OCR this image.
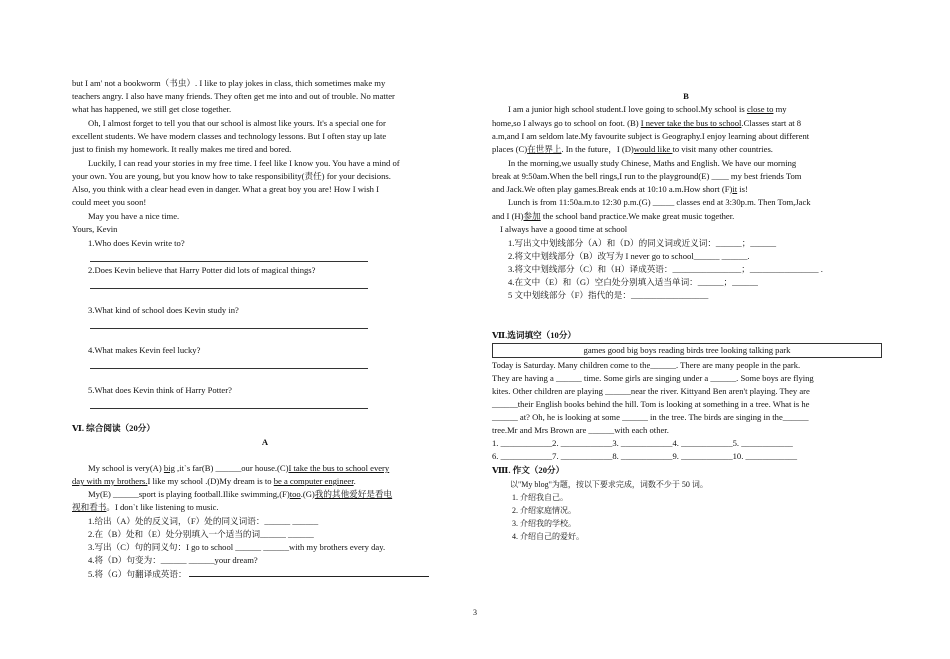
but I am' not a bookworm（书虫）. I like to play jokes in class, thich sometimes make my
teachers angry. I also have many friends. They often get me into and out of trouble. No matter
what has happened, we still get close together.
Oh, I almost forget to tell you that our school is almost like yours. It's a special one for
excellent students. We have modern classes and technology lessons. But I often stay up late
just to finish my homework. It really makes me tired and bored.
Luckily, I can read your stories in my free time. I feel like I know you. You have a mind of
your own. You are young, but you know how to take responsibility(责任) for your decisions.
Also, you think with a clear head even in danger. What a great boy you are! How I wish I
could meet you soon!
May you have a nice time.
Yours, Kevin
1.Who does Kevin write to?
2.Does Kevin believe that Harry Potter did lots of magical things?
3.What kind of school does Kevin study in?
4.What makes Kevin feel lucky?
5.What does Kevin think of Harry Potter?
Ⅵ. 综合阅读（20分）
A
My school is very(A) big ,it`s far(B) ______our house.(C)I take the bus to school every
day with my brothers.I like my school .(D)My dream is to be a computer engineer.
My(E) ______sport is playing football.Ilike swimming,(F)too.(G)我的其他爱好是看电
视和看书。I don`t like listening to music.
1.给出（A）处的反义词，（F）处的同义词语：______ ______
2.在（B）处和（E）处分别填入一个适当的词______ ______
3.写出（C）句的同义句：I go to school ______ ______with my brothers every day.
4.将（D）句变为：______ ______your dream?
5.将（G）句翻译成英语：
B
I am a junior high school student.I love going to school.My school is close to my
home,so I always go to school on foot. (B) I never take the bus to school.Classes start at 8
a.m,and I am seldom late.My favourite subject is Geography.I enjoy learning about different
places (C)在世界上. In the future，I (D)would like to visit many other countries.
In the morning,we usually study Chinese, Maths and English. We have our morning
break at 9:50am.When the bell rings,I run to the playground(E) ____ my best friends Tom
and Jack.We often play games.Break ends at 10:10 a.m.How short (F)it is!
Lunch is from 11:50a.m.to 12:30 p.m.(G) _____ classes end at 3:30p.m. Then Tom,Jack
and I (H)参加 the school band practice.We make great music together.
I always have a goood time at school
1.写出文中划线部分（A）和（D）的同义词或近义词：______；______
2.将文中划线部分（B）改写为 I never go to school______ ______.
3.将文中划线部分（C）和（H）译成英语：________________；________________ .
4.在文中（E）和（G）空白处分别填入适当单词：______；______
5 文中划线部分（F）指代的是：__________________
Ⅶ.选词填空（10分）
games good big boys reading birds tree looking talking park
Today is Saturday. Many children come to the______. There are many people in the park.
They are having a ______ time. Some girls are singing under a ______. Some boys are flying
kites. Other children are playing ______near the river. Kittyand Ben aren't playing. They are
______their English books behind the hill. Tom is looking at something in a tree. What is he
______ at? Oh, he is looking at some ______ in the tree. The birds are singing in the______
tree.Mr and Mrs Brown are ______with each other.
1. ____________2. ____________3. ____________4. ____________5. ____________
6. ____________7. ____________8. ____________9. ____________10. ____________
Ⅷ. 作文（20分）
以"My blog"为题，按以下要求完成，词数不少于 50 词。
1. 介绍我自己。
2. 介绍家庭情况。
3. 介绍我的学校。
4. 介绍自己的爱好。
3
